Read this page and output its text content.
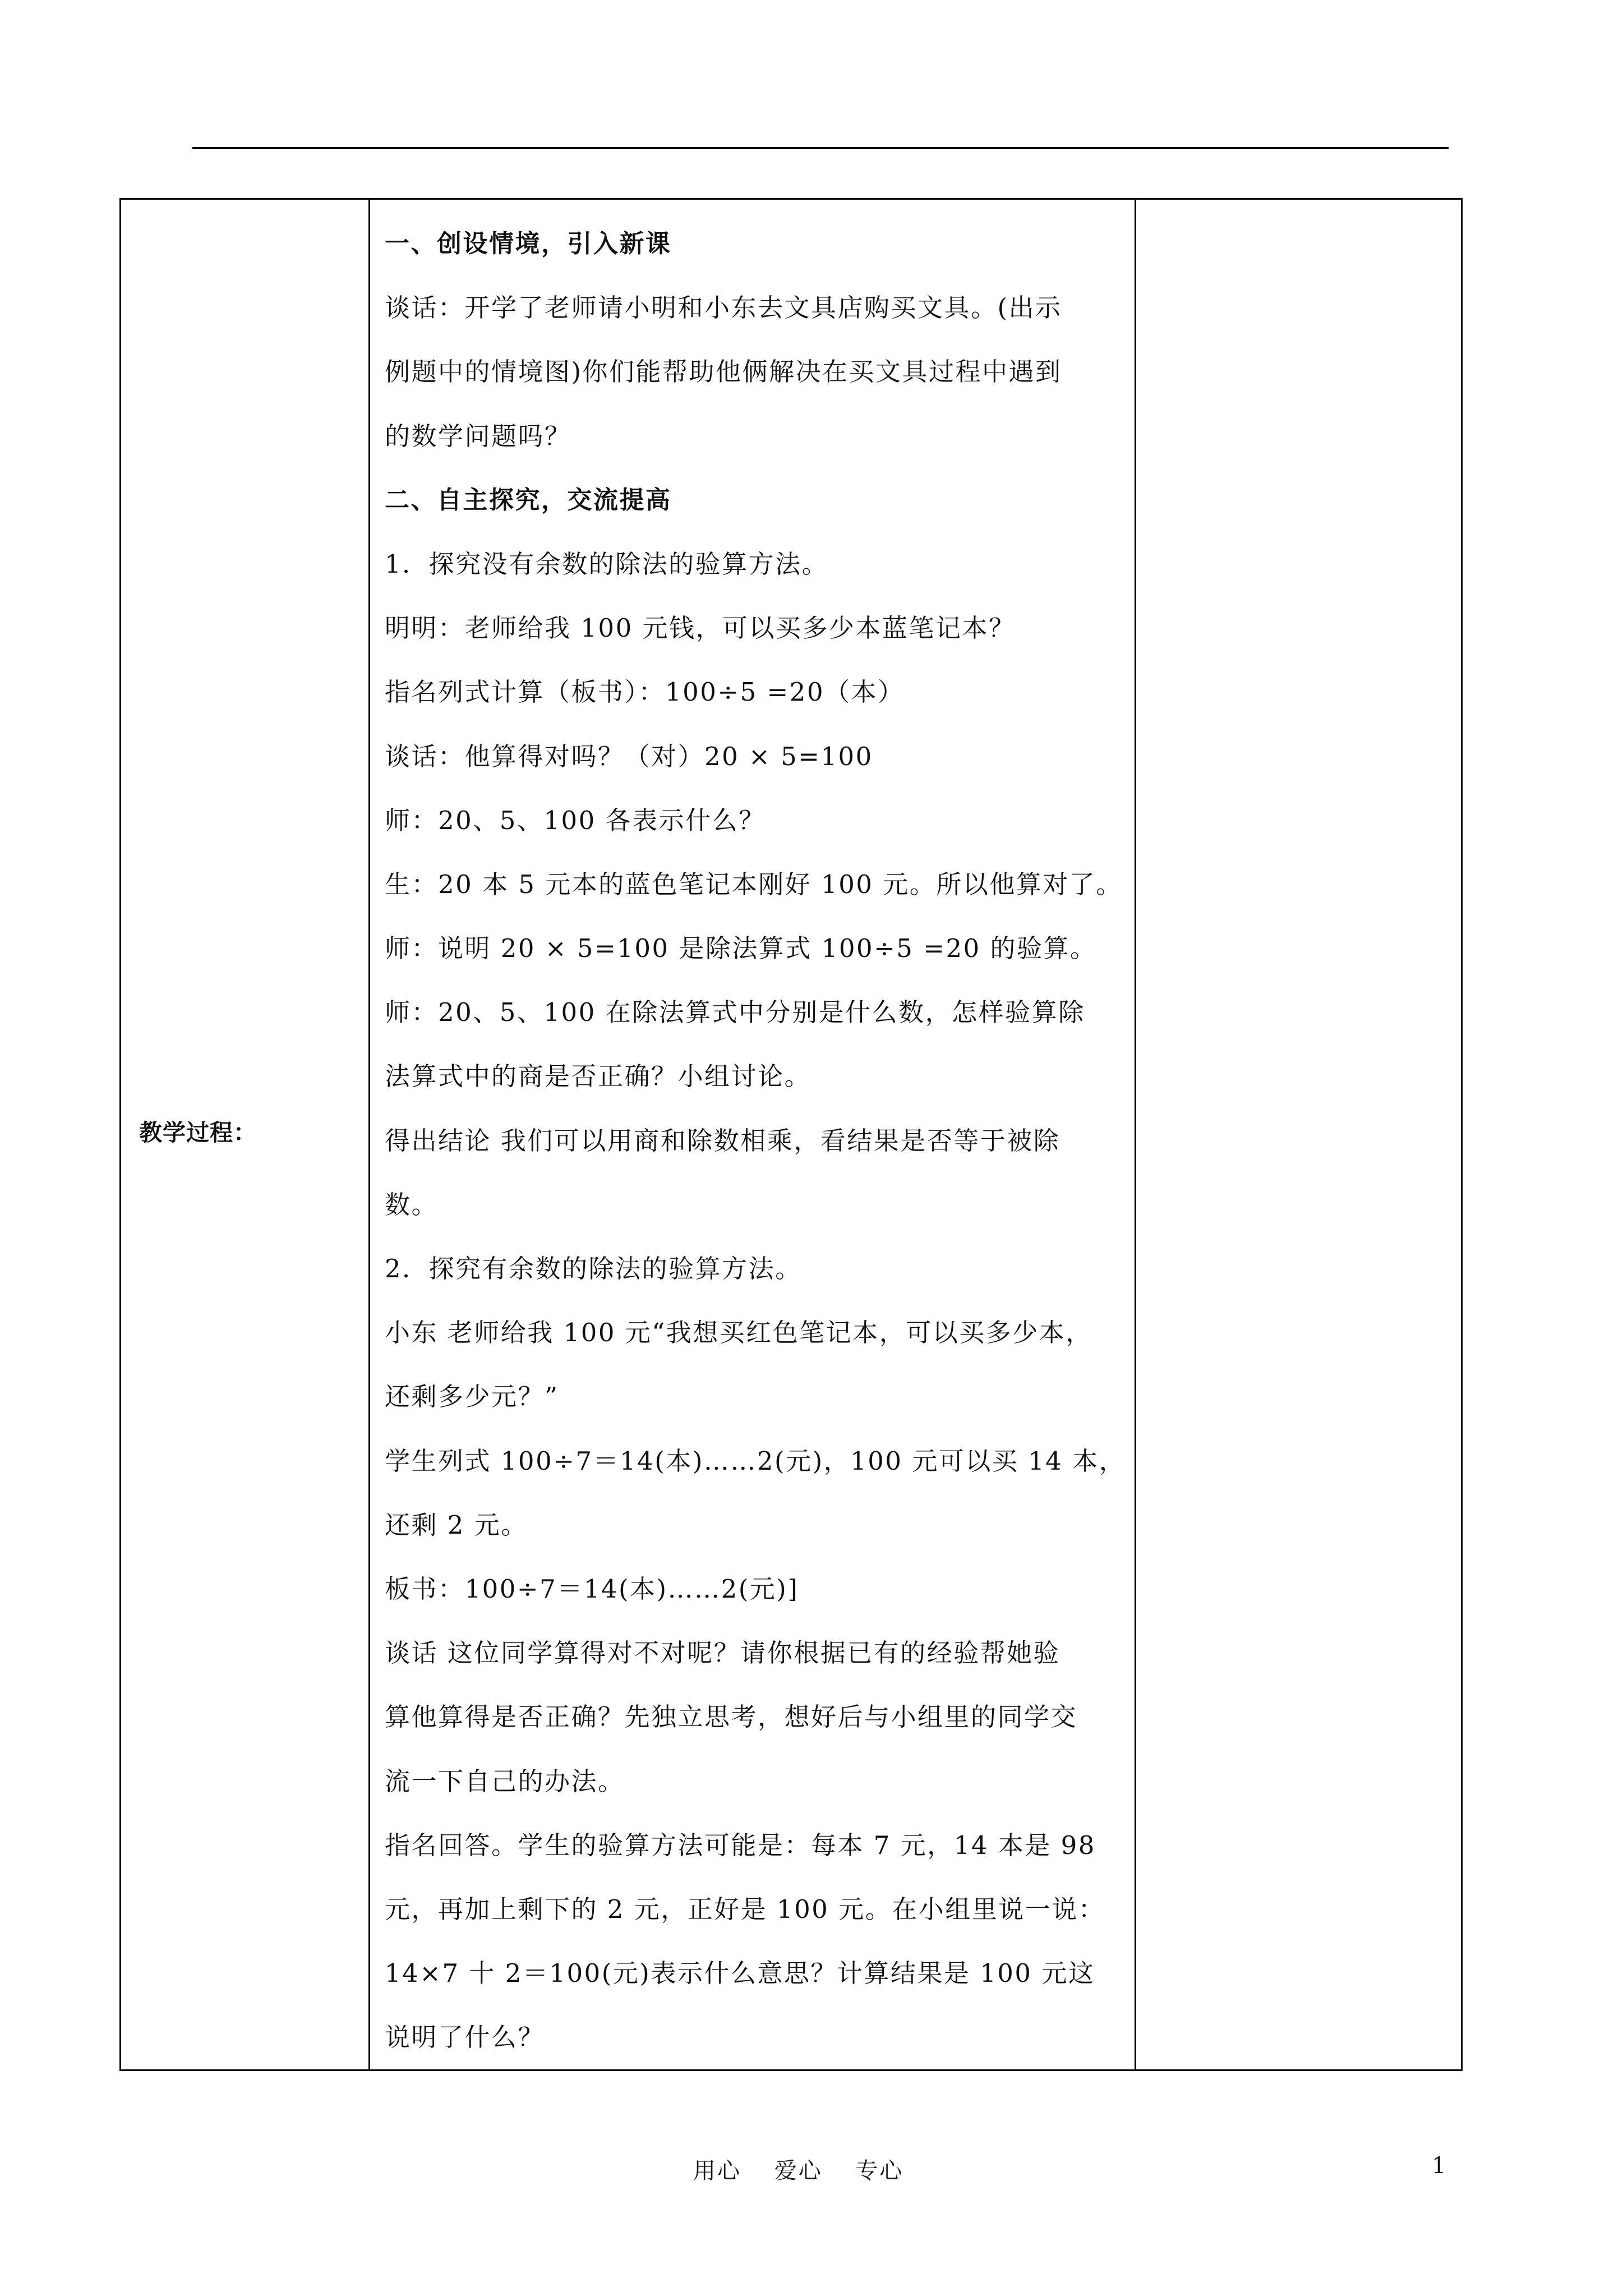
教学过程：

一、创设情境，引入新课
谈话：开学了老师请小明和小东去文具店购买文具。(出示
例题中的情境图)你们能帮助他俩解决在买文具过程中遇到
的数学问题吗？
二、自主探究，交流提高
1．探究没有余数的除法的验算方法。
明明：老师给我 100 元钱，可以买多少本蓝笔记本？
指名列式计算（板书）：100÷5 =20（本）
谈话：他算得对吗？（对）20 × 5=100
师：20、5、100 各表示什么？
生：20 本 5 元本的蓝色笔记本刚好 100 元。所以他算对了。
师：说明 20 × 5=100 是除法算式 100÷5 =20 的验算。
师：20、5、100 在除法算式中分别是什么数，怎样验算除
法算式中的商是否正确？小组讨论。
得出结论 我们可以用商和除数相乘，看结果是否等于被除
数。
2．探究有余数的除法的验算方法。
小东 老师给我 100 元“我想买红色笔记本，可以买多少本，
还剩多少元？”
学生列式 100÷7＝14(本)……2(元)，100 元可以买 14 本，
还剩 2 元。
板书：100÷7＝14(本)……2(元)]
谈话 这位同学算得对不对呢？请你根据已有的经验帮她验
算他算得是否正确？先独立思考，想好后与小组里的同学交
流一下自己的办法。
指名回答。学生的验算方法可能是：每本 7 元，14 本是 98
元，再加上剩下的 2 元，正好是 100 元。在小组里说一说：
14×7 十 2＝100(元)表示什么意思？计算结果是 100 元这
说明了什么？

用心　 爱心　 专心	1
